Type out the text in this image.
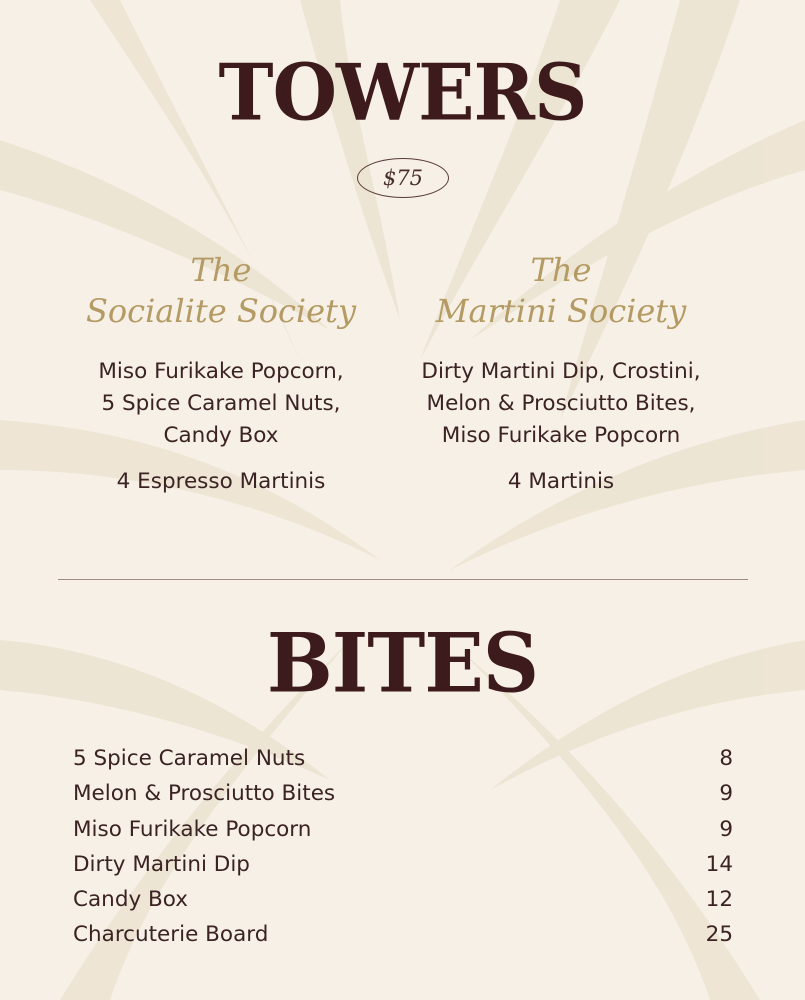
TOWERS
$75
The
Socialite Society
Miso Furikake Popcorn,
5 Spice Caramel Nuts,
Candy Box
4 Espresso Martinis
The
Martini Society
Dirty Martini Dip, Crostini,
Melon & Prosciutto Bites,
Miso Furikake Popcorn
4 Martinis
BITES
5 Spice Caramel Nuts	8
Melon & Prosciutto Bites	9
Miso Furikake Popcorn	9
Dirty Martini Dip	14
Candy Box	12
Charcuterie Board	25
